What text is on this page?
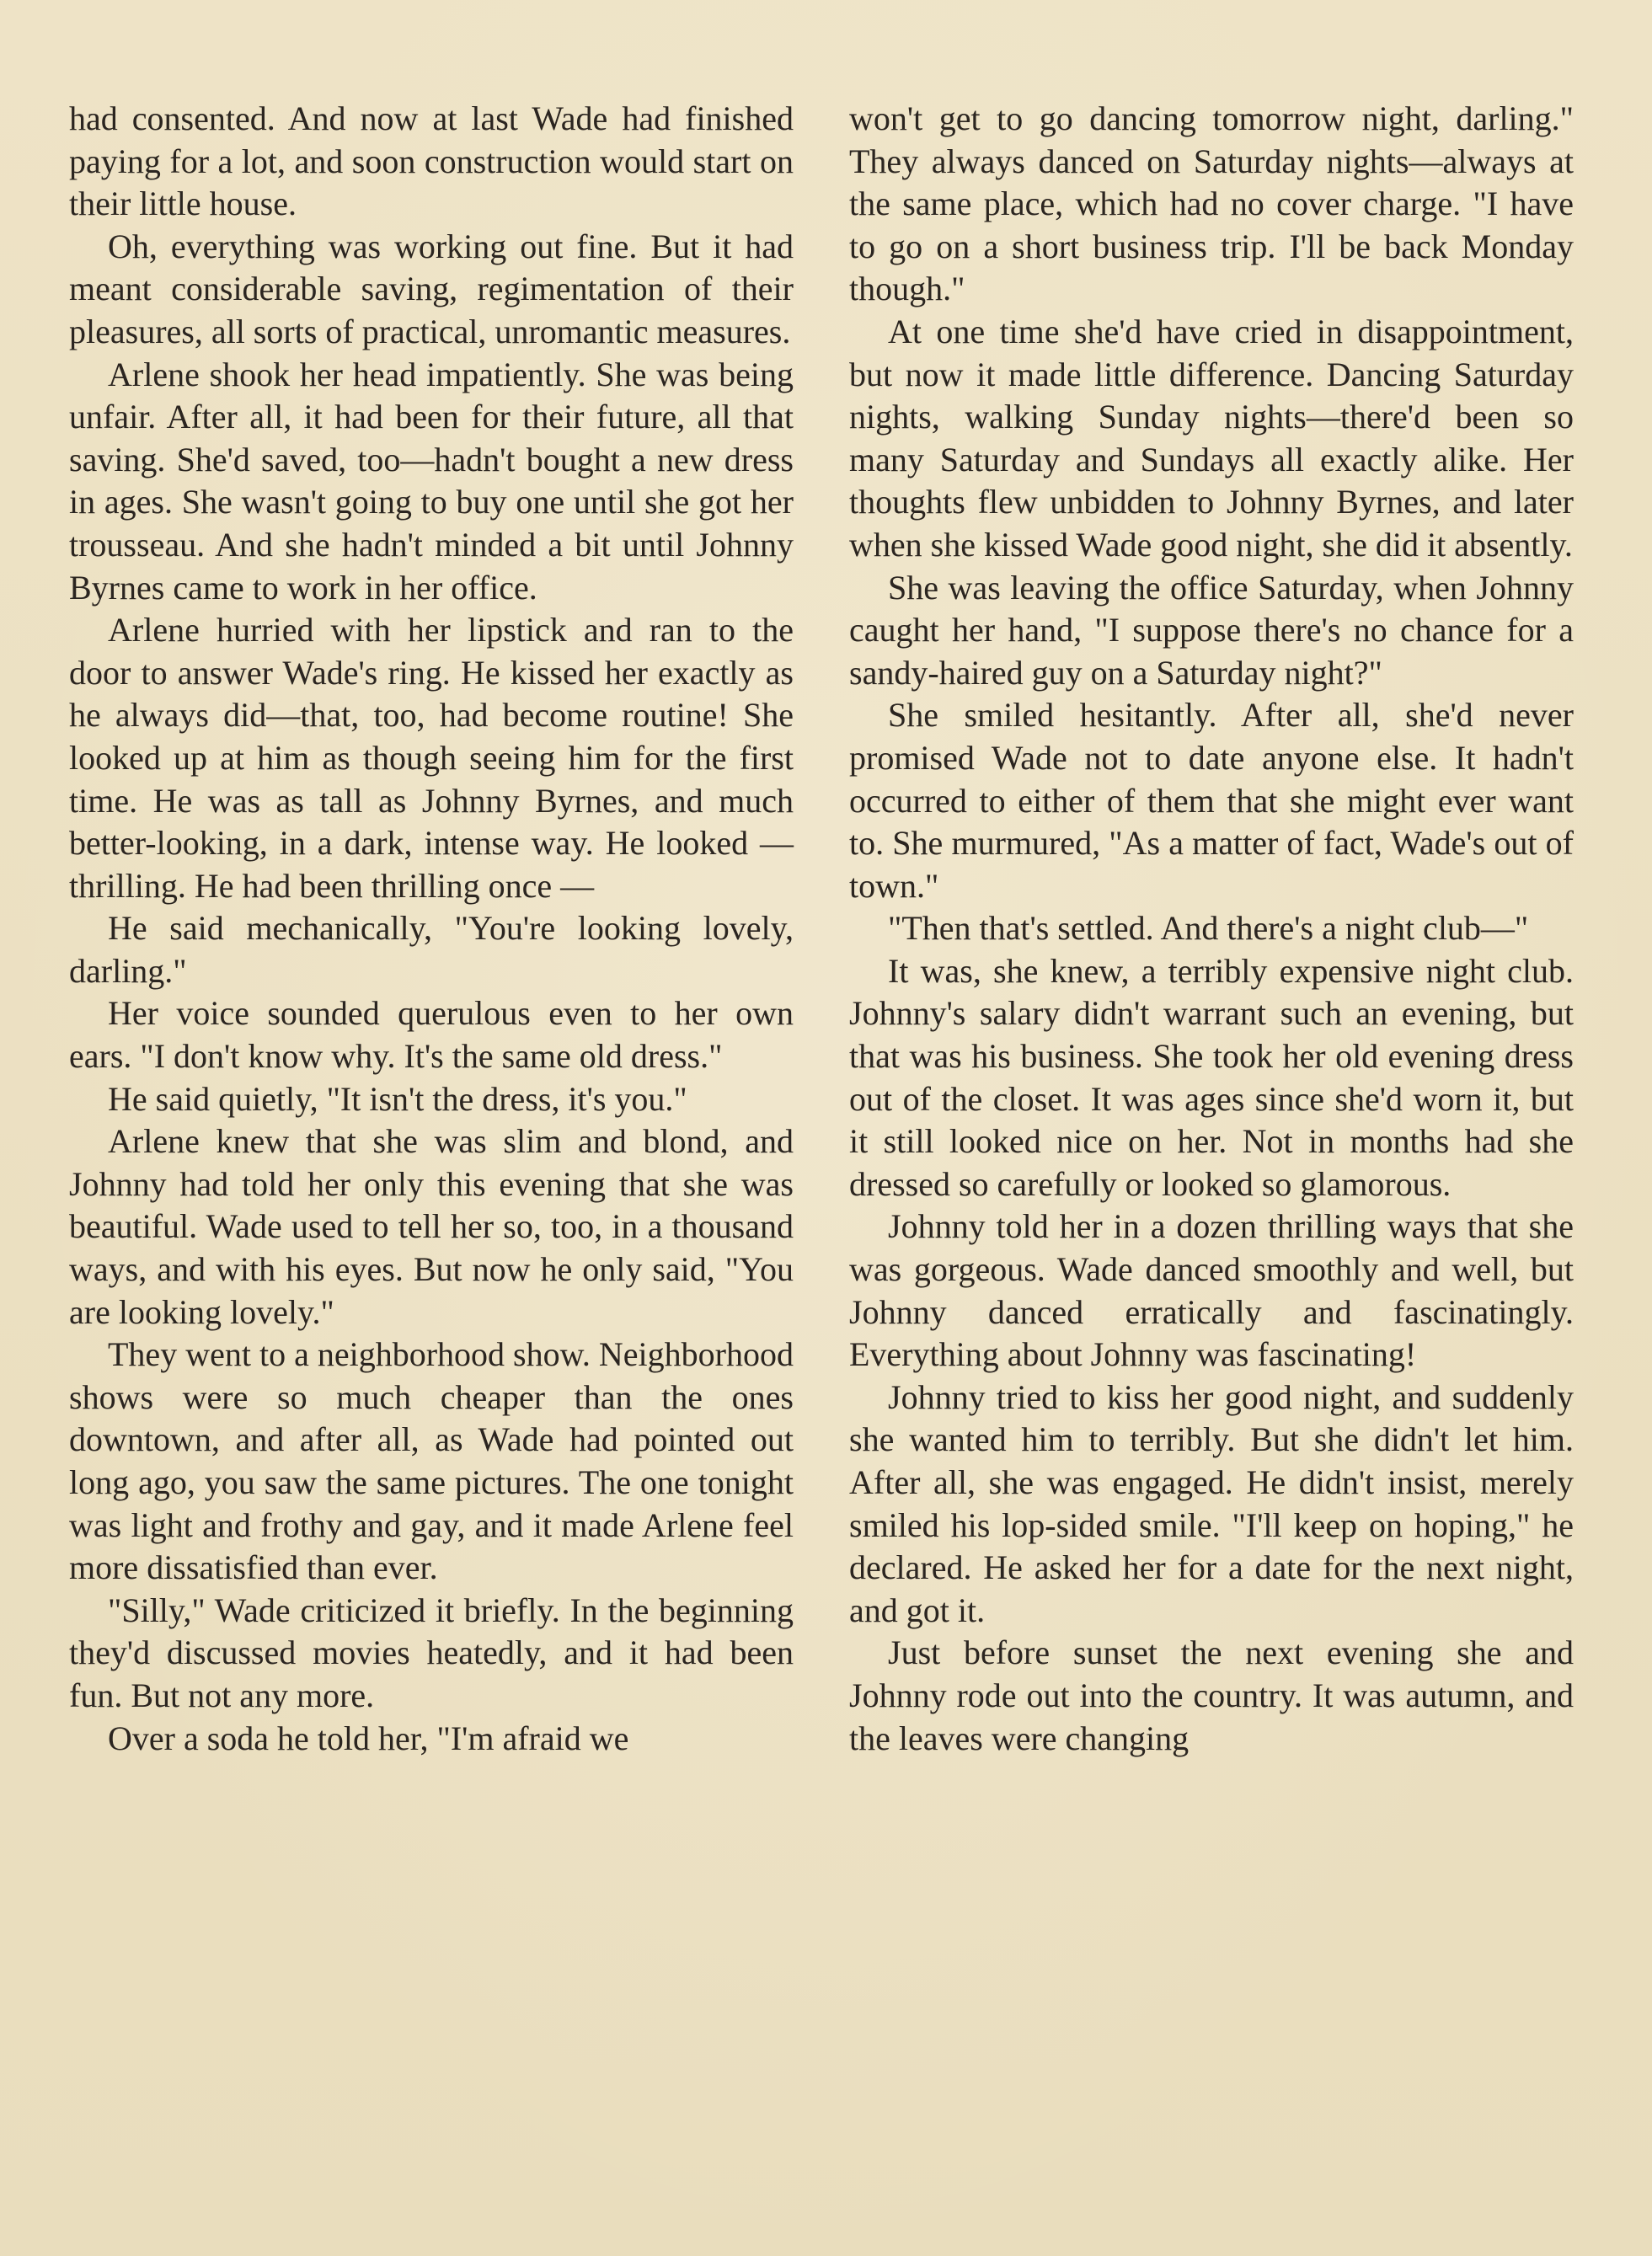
had consented. And now at last Wade had finished paying for a lot, and soon construction would start on their little house.

Oh, everything was working out fine. But it had meant considerable saving, regimentation of their pleasures, all sorts of practical, unromantic measures.

Arlene shook her head impatiently. She was being unfair. After all, it had been for their future, all that saving. She'd saved, too—hadn't bought a new dress in ages. She wasn't going to buy one until she got her trousseau. And she hadn't minded a bit until Johnny Byrnes came to work in her office.

Arlene hurried with her lipstick and ran to the door to answer Wade's ring. He kissed her exactly as he always did—that, too, had become routine! She looked up at him as though seeing him for the first time. He was as tall as Johnny Byrnes, and much better-looking, in a dark, intense way. He looked — thrilling. He had been thrilling once —

He said mechanically, "You're looking lovely, darling."

Her voice sounded querulous even to her own ears. "I don't know why. It's the same old dress."

He said quietly, "It isn't the dress, it's you."

Arlene knew that she was slim and blond, and Johnny had told her only this evening that she was beautiful. Wade used to tell her so, too, in a thousand ways, and with his eyes. But now he only said, "You are looking lovely."

They went to a neighborhood show. Neighborhood shows were so much cheaper than the ones downtown, and after all, as Wade had pointed out long ago, you saw the same pictures. The one tonight was light and frothy and gay, and it made Arlene feel more dissatisfied than ever.

"Silly," Wade criticized it briefly. In the beginning they'd discussed movies heatedly, and it had been fun. But not any more.

Over a soda he told her, "I'm afraid we

won't get to go dancing tomorrow night, darling." They always danced on Saturday nights—always at the same place, which had no cover charge. "I have to go on a short business trip. I'll be back Monday though."

At one time she'd have cried in disappointment, but now it made little difference. Dancing Saturday nights, walking Sunday nights—there'd been so many Saturday and Sundays all exactly alike. Her thoughts flew unbidden to Johnny Byrnes, and later when she kissed Wade good night, she did it absently.

She was leaving the office Saturday, when Johnny caught her hand, "I suppose there's no chance for a sandy-haired guy on a Saturday night?"

She smiled hesitantly. After all, she'd never promised Wade not to date anyone else. It hadn't occurred to either of them that she might ever want to. She murmured, "As a matter of fact, Wade's out of town."

"Then that's settled. And there's a night club—"

It was, she knew, a terribly expensive night club. Johnny's salary didn't warrant such an evening, but that was his business. She took her old evening dress out of the closet. It was ages since she'd worn it, but it still looked nice on her. Not in months had she dressed so carefully or looked so glamorous.

Johnny told her in a dozen thrilling ways that she was gorgeous. Wade danced smoothly and well, but Johnny danced erratically and fascinatingly. Everything about Johnny was fascinating!

Johnny tried to kiss her good night, and suddenly she wanted him to terribly. But she didn't let him. After all, she was engaged. He didn't insist, merely smiled his lop-sided smile. "I'll keep on hoping," he declared. He asked her for a date for the next night, and got it.

Just before sunset the next evening she and Johnny rode out into the country. It was autumn, and the leaves were changing
